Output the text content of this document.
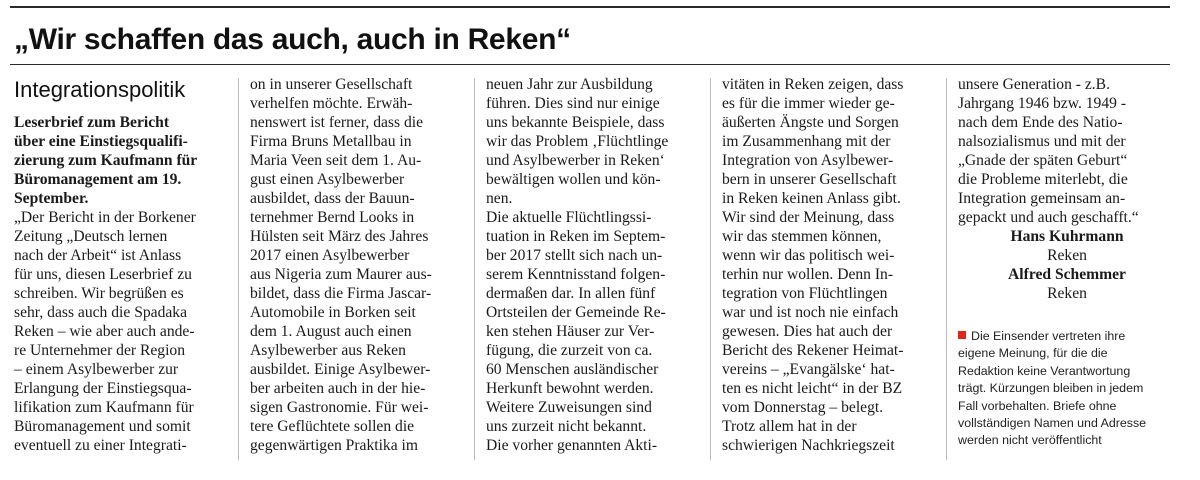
„Wir schaffen das auch, auch in Reken“
Integrationspolitik
Leserbrief zum Bericht
über eine Einstiegsqualifi-
zierung zum Kaufmann für
Büromanagement am 19.
September.
„Der Bericht in der Borkener
Zeitung „Deutsch lernen
nach der Arbeit“ ist Anlass
für uns, diesen Leserbrief zu
schreiben. Wir begrüßen es
sehr, dass auch die Spadaka
Reken – wie aber auch ande-
re Unternehmer der Region
– einem Asylbewerber zur
Erlangung der Einstiegsqua-
lifikation zum Kaufmann für
Büromanagement und somit
eventuell zu einer Integrati-
on in unserer Gesellschaft
verhelfen möchte. Erwäh-
nenswert ist ferner, dass die
Firma Bruns Metallbau in
Maria Veen seit dem 1. Au-
gust einen Asylbewerber
ausbildet, dass der Bauun-
ternehmer Bernd Looks in
Hülsten seit März des Jahres
2017 einen Asylbewerber
aus Nigeria zum Maurer aus-
bildet, dass die Firma Jascar-
Automobile in Borken seit
dem 1. August auch einen
Asylbewerber aus Reken
ausbildet. Einige Asylbewer-
ber arbeiten auch in der hie-
sigen Gastronomie. Für wei-
tere Geflüchtete sollen die
gegenwärtigen Praktika im
neuen Jahr zur Ausbildung
führen. Dies sind nur einige
uns bekannte Beispiele, dass
wir das Problem ‚Flüchtlinge
und Asylbewerber in Reken‘
bewältigen wollen und kön-
nen.
Die aktuelle Flüchtlingssi-
tuation in Reken im Septem-
ber 2017 stellt sich nach un-
serem Kenntnisstand folgen-
dermaßen dar. In allen fünf
Ortsteilen der Gemeinde Re-
ken stehen Häuser zur Ver-
fügung, die zurzeit von ca.
60 Menschen ausländischer
Herkunft bewohnt werden.
Weitere Zuweisungen sind
uns zurzeit nicht bekannt.
Die vorher genannten Akti-
vitäten in Reken zeigen, dass
es für die immer wieder ge-
äußerten Ängste und Sorgen
im Zusammenhang mit der
Integration von Asylbewer-
bern in unserer Gesellschaft
in Reken keinen Anlass gibt.
Wir sind der Meinung, dass
wir das stemmen können,
wenn wir das politisch wei-
terhin nur wollen. Denn In-
tegration von Flüchtlingen
war und ist noch nie einfach
gewesen. Dies hat auch der
Bericht des Rekener Heimat-
vereins – „Evangälske‘ hat-
ten es nicht leicht“ in der BZ
vom Donnerstag – belegt.
Trotz allem hat in der
schwierigen Nachkriegszeit
unsere Generation - z.B.
Jahrgang 1946 bzw. 1949 -
nach dem Ende des Natio-
nalsozialismus und mit der
„Gnade der späten Geburt“
die Probleme miterlebt, die
Integration gemeinsam an-
gepackt und auch geschafft.“
Hans Kuhrmann
Reken
Alfred Schemmer
Reken
Die Einsender vertreten ihre
eigene Meinung, für die die
Redaktion keine Verantwortung
trägt. Kürzungen bleiben in jedem
Fall vorbehalten. Briefe ohne
vollständigen Namen und Adresse
werden nicht veröffentlicht
